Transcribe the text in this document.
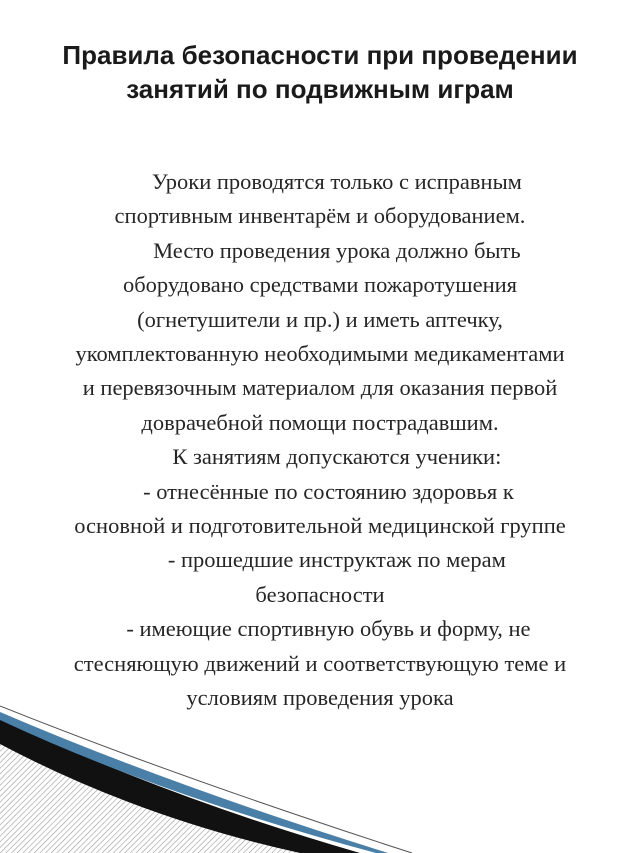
Правила безопасности при проведении
занятий по подвижным играм
Уроки проводятся только с исправным
спортивным инвентарём и оборудованием.
Место проведения урока должно быть
оборудовано средствами пожаротушения
(огнетушители и пр.) и иметь аптечку,
укомплектованную необходимыми медикаментами
и перевязочным материалом для оказания первой
доврачебной помощи пострадавшим.
К занятиям допускаются ученики:
- отнесённые по состоянию здоровья к
основной и подготовительной медицинской группе
- прошедшие инструктаж по мерам
безопасности
- имеющие спортивную обувь и форму, не
стесняющую движений и соответствующую теме и
условиям проведения урока
